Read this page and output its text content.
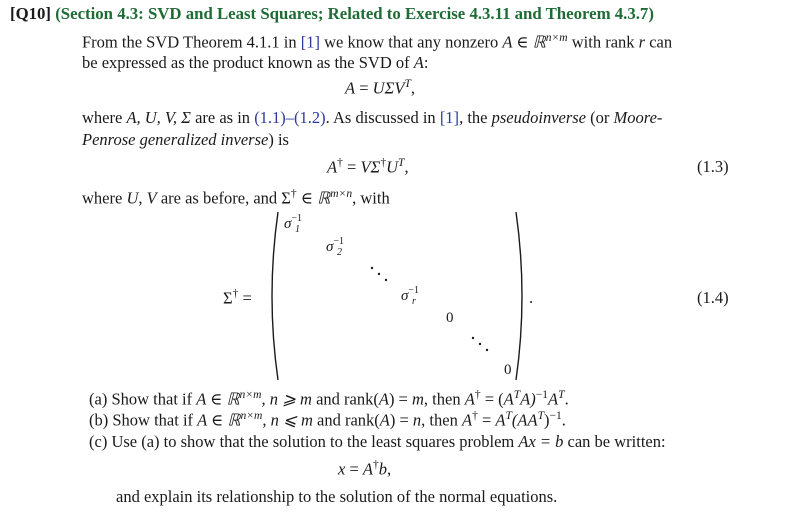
[Q10] (Section 4.3: SVD and Least Squares; Related to Exercise 4.3.11 and Theorem 4.3.7)
From the SVD Theorem 4.1.1 in [1] we know that any nonzero A ∈ ℝ$^{n\times m}$ with rank r can
be expressed as the product known as the SVD of A:
$A = U\Sigma V^T$,
where A, U, V, Σ are as in (1.1)–(1.2). As discussed in [1], the pseudoinverse (or Moore-
Penrose generalized inverse) is
$A^\dagger = V\Sigma^\dagger U^T$,	(1.3)
where U, V are as before, and Σ† ∈ ℝ$^{m\times n}$, with
Σ† =
$\sigma^{-1}_1$
$\sigma^{-1}_2$
$\sigma^{-1}_r$
0
0
.	(1.4)
(a) Show that if A ∈ ℝ$^{n\times m}$, n ⩾ m and rank(A) = m, then $A^\dagger = (A^TA)^{-1}A^T$.
(b) Show that if A ∈ ℝ$^{n\times m}$, n ⩽ m and rank(A) = n, then $A^\dagger = A^T(AA^T)^{-1}$.
(c) Use (a) to show that the solution to the least squares problem Ax = b can be written:
x = A†b,
and explain its relationship to the solution of the normal equations.
